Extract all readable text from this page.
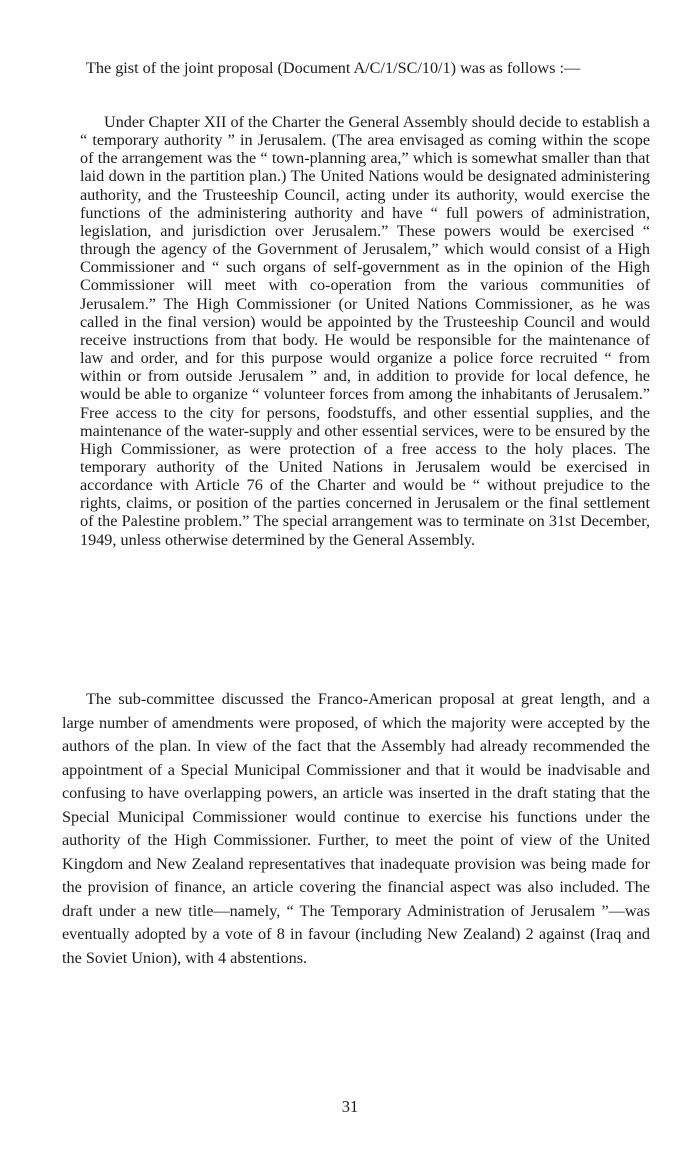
The gist of the joint proposal (Document A/C/1/SC/10/1) was as follows :—

Under Chapter XII of the Charter the General Assembly should decide to establish a “ temporary authority ” in Jerusalem. (The area envisaged as coming within the scope of the arrangement was the “ town-planning area,” which is somewhat smaller than that laid down in the partition plan.) The United Nations would be designated administering authority, and the Trusteeship Council, acting under its authority, would exercise the functions of the administering authority and have “ full powers of administration, legislation, and jurisdiction over Jerusalem.” These powers would be exercised “ through the agency of the Government of Jerusalem,” which would consist of a High Commissioner and “ such organs of self-government as in the opinion of the High Commissioner will meet with co-operation from the various communities of Jerusalem.” The High Commissioner (or United Nations Commissioner, as he was called in the final version) would be appointed by the Trusteeship Council and would receive instructions from that body. He would be responsible for the maintenance of law and order, and for this purpose would organize a police force recruited “ from within or from outside Jerusalem ” and, in addition to provide for local defence, he would be able to organize “ volunteer forces from among the inhabitants of Jerusalem.” Free access to the city for persons, foodstuffs, and other essential supplies, and the maintenance of the water-supply and other essential services, were to be ensured by the High Commissioner, as were protection of a free access to the holy places. The temporary authority of the United Nations in Jerusalem would be exercised in accordance with Article 76 of the Charter and would be “ without prejudice to the rights, claims, or position of the parties concerned in Jerusalem or the final settlement of the Palestine problem.” The special arrangement was to terminate on 31st December, 1949, unless otherwise determined by the General Assembly.

The sub-committee discussed the Franco-American proposal at great length, and a large number of amendments were proposed, of which the majority were accepted by the authors of the plan. In view of the fact that the Assembly had already recommended the appointment of a Special Municipal Commissioner and that it would be inadvisable and confusing to have overlapping powers, an article was inserted in the draft stating that the Special Municipal Commissioner would continue to exercise his functions under the authority of the High Commissioner. Further, to meet the point of view of the United Kingdom and New Zealand representatives that inadequate provision was being made for the provision of finance, an article covering the financial aspect was also included. The draft under a new title—namely, “ The Temporary Administration of Jerusalem ”—was eventually adopted by a vote of 8 in favour (including New Zealand) 2 against (Iraq and the Soviet Union), with 4 abstentions.

31
